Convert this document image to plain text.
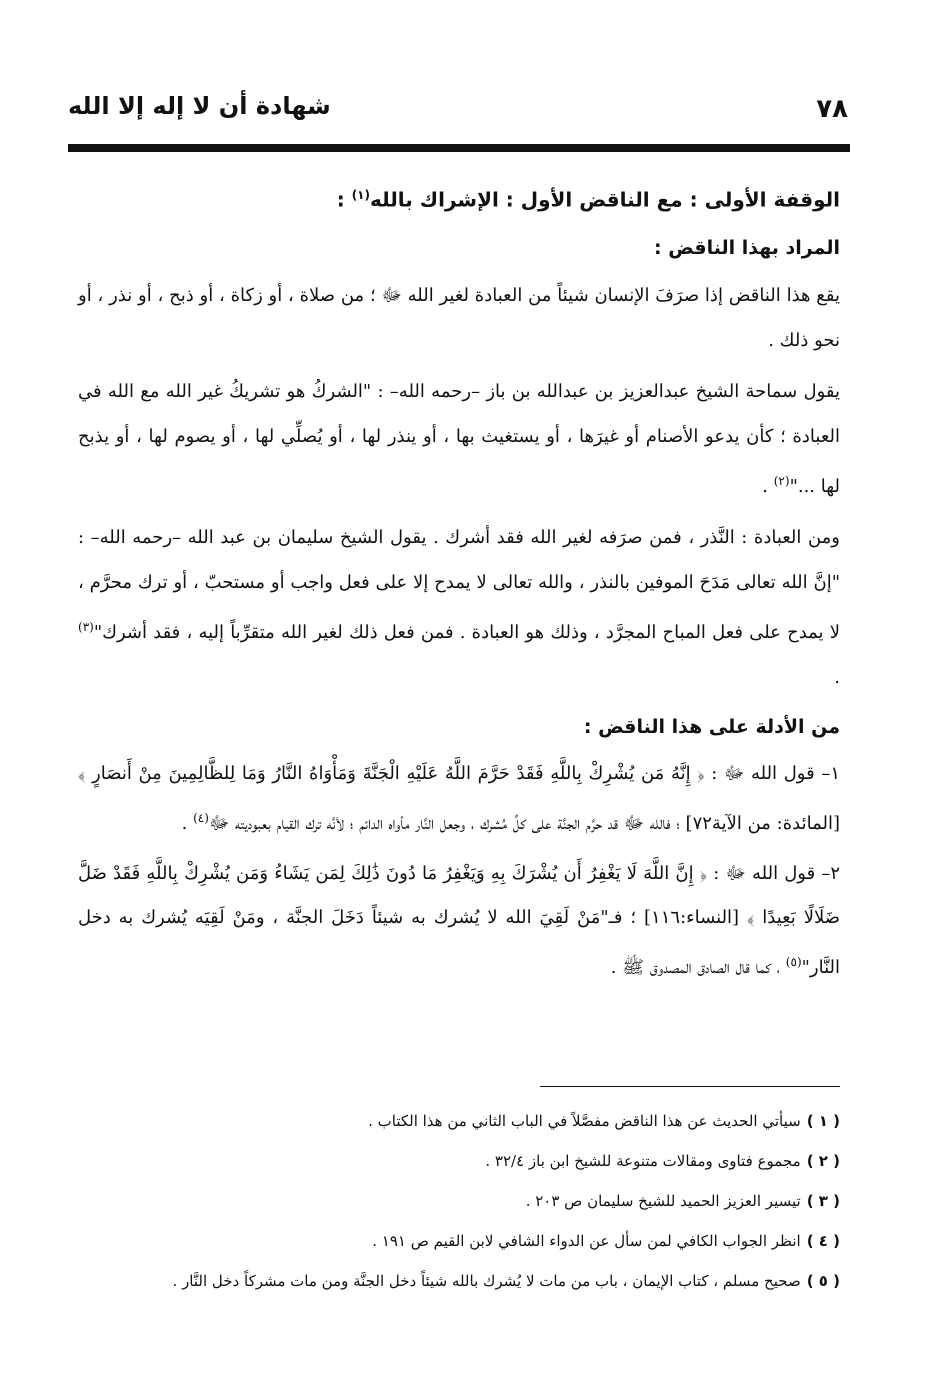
٧٨
شهادة أن لا إله إلا الله
الوقفة الأولى : مع الناقض الأول : الإشراك بالله$^{(١)}$ :
المراد بهذا الناقض :

يقع هذا الناقض إذا صرَفَ الإنسان شيئاً من العبادة لغير الله ﷻ ؛ من صلاة ، أو زكاة ، أو ذبح ، أو نذر ، أو نحو ذلك .

يقول سماحة الشيخ عبدالعزيز بن عبدالله بن باز –رحمه الله– : "الشركُ هو تشريكُ غير الله مع الله في العبادة ؛ كأن يدعو الأصنام أو غيرَها ، أو يستغيث بها ، أو ينذر لها ، أو يُصلِّي لها ، أو يصوم لها ، أو يذبح لها ..."$^{(٢)}$ .

ومن العبادة : النَّذر ، فمن صرَفه لغير الله فقد أشرك . يقول الشيخ سليمان بن عبد الله –رحمه الله– : "إنَّ الله تعالى مَدَحَ الموفين بالنذر ، والله تعالى لا يمدح إلا على فعل واجب أو مستحبّ ، أو ترك محرَّم ، لا يمدح على فعل المباح المجرَّد ، وذلك هو العبادة . فمن فعل ذلك لغير الله متقرِّباً إليه ، فقد أشرك"$^{(٣)}$ .

من الأدلة على هذا الناقض :

١– قول الله ﷻ : ﴿ إِنَّهُ مَن يُشْرِكْ بِاللَّهِ فَقَدْ حَرَّمَ اللَّهُ عَلَيْهِ الْجَنَّةَ وَمَأْوَاهُ النَّارُ وَمَا لِلظَّالِمِينَ مِنْ أَنصَارٍ ﴾ [المائدة: من الآية٧٢] ؛ فالله ﷻ قد حرَّم الجنَّة على كلِّ مُشرك ، وجعل النَّار مأواه الدائم ؛ لأنَّه ترك القيام بعبوديته ﷻ$^{(٤)}$ .

٢– قول الله ﷻ : ﴿ إِنَّ اللَّهَ لَا يَغْفِرُ أَن يُشْرَكَ بِهِ وَيَغْفِرُ مَا دُونَ ذَٰلِكَ لِمَن يَشَاءُ وَمَن يُشْرِكْ بِاللَّهِ فَقَدْ ضَلَّ ضَلَالًا بَعِيدًا ﴾ [النساء:١١٦] ؛ فـ"مَنْ لَقِيَ الله لا يُشرك به شيئاً دَخَلَ الجنَّة ، ومَنْ لَقِيَه يُشرك به دخل النَّار"$^{(٥)}$ ، كما قال الصادق المصدوق ﷺ .

( ١ )سيأتي الحديث عن هذا الناقض مفصَّلاً في الباب الثاني من هذا الكتاب .
( ٢ )مجموع فتاوى ومقالات متنوعة للشيخ ابن باز ٣٢/٤ .
( ٣ )تيسير العزيز الحميد للشيخ سليمان ص ٢٠٣ .
( ٤ )انظر الجواب الكافي لمن سأل عن الدواء الشافي لابن القيم ص ١٩١ .
( ٥ )صحيح مسلم ، كتاب الإيمان ، باب من مات لا يُشرك بالله شيئاً دخل الجنَّة ومن مات مشركاً دخل النَّار .
